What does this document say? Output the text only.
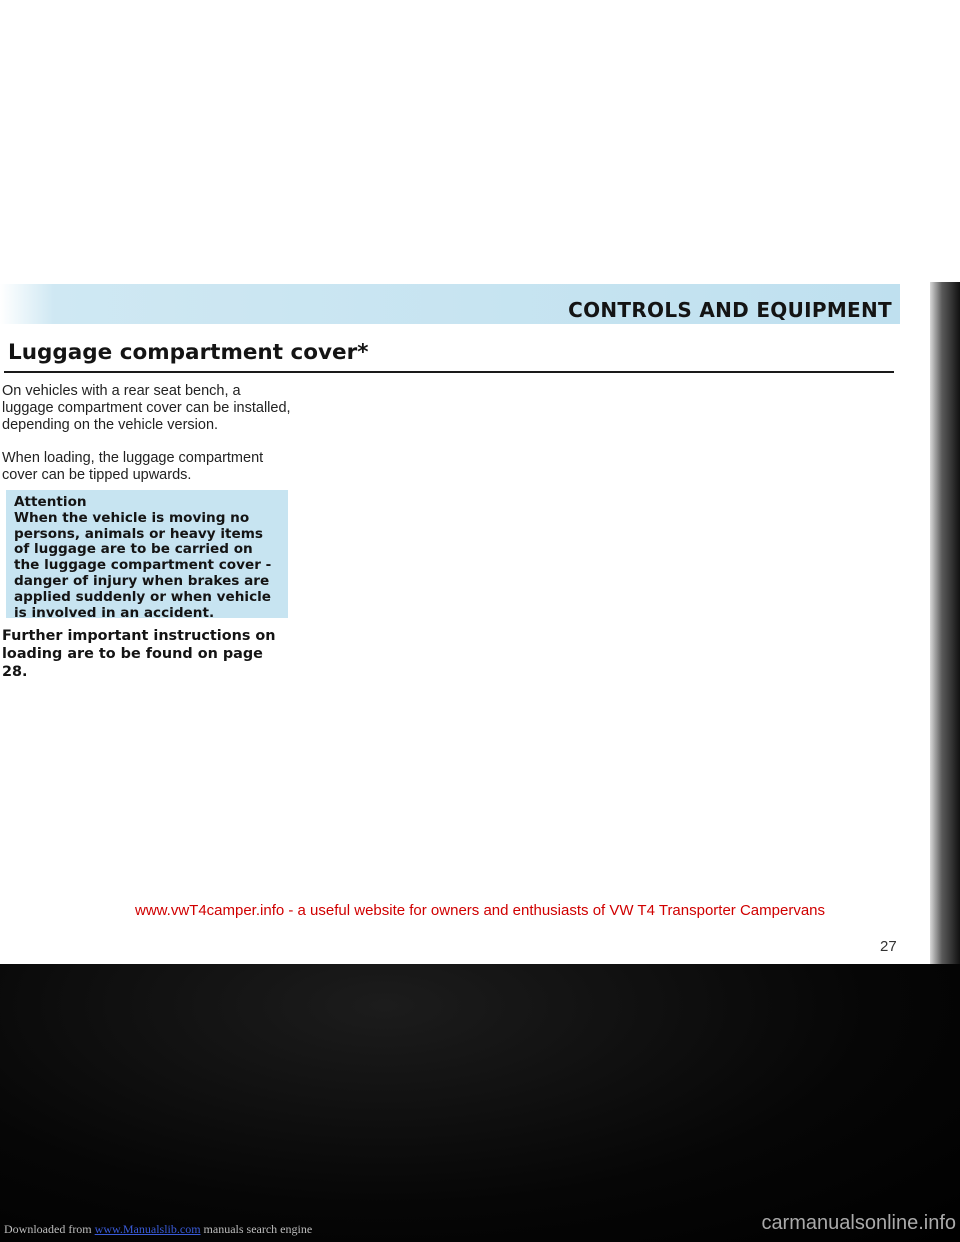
CONTROLS AND EQUIPMENT
Luggage compartment cover*

On vehicles with a rear seat bench, a luggage compartment cover can be installed, depending on the vehicle version.

When loading, the luggage compartment cover can be tipped upwards.

Attention
When the vehicle is moving no persons, animals or heavy items of luggage are to be carried on the luggage compartment cover - danger of injury when brakes are applied suddenly or when vehicle is involved in an accident.

Further important instructions on loading are to be found on page 28.

www.vwT4camper.info - a useful website for owners and enthusiasts of VW T4 Transporter Campervans
27
Downloaded from www.Manualslib.com manuals search engine	carmanualsonline.info
